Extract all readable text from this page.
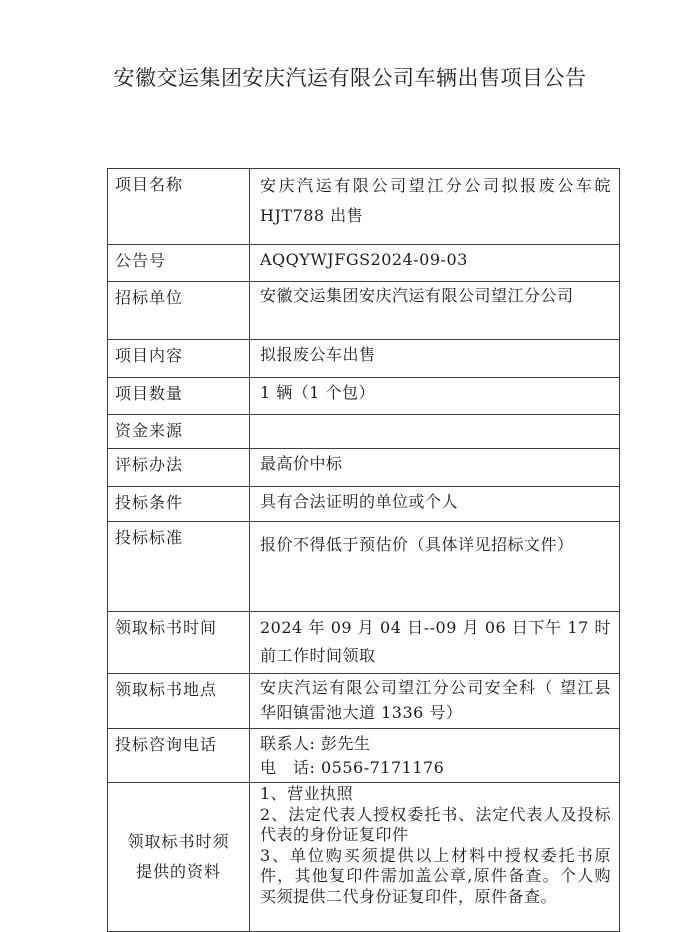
安徽交运集团安庆汽运有限公司车辆出售项目公告
项目名称	安庆汽运有限公司望江分公司拟报废公车皖 HJT788 出售

公告号	AQQYWJFGS2024-09-03

招标单位	安徽交运集团安庆汽运有限公司望江分公司

项目内容	拟报废公车出售

项目数量	1 辆（1 个包）

资金来源	

评标办法	最高价中标

投标条件	具有合法证明的单位或个人

投标标准	报价不得低于预估价（具体详见招标文件）

领取标书时间	2024 年 09 月 04 日--09 月 06 日下午 17 时前工作时间领取

领取标书地点	安庆汽运有限公司望江分公司安全科（ 望江县华阳镇雷池大道 1336 号）

投标咨询电话	联系人: 彭先生
电　话: 0556-7171176

领取标书时须提供的资料	1、营业执照
2、法定代表人授权委托书、法定代表人及投标代表的身份证复印件
3、单位购买须提供以上材料中授权委托书原件，其他复印件需加盖公章,原件备查。个人购买须提供二代身份证复印件，原件备查。
